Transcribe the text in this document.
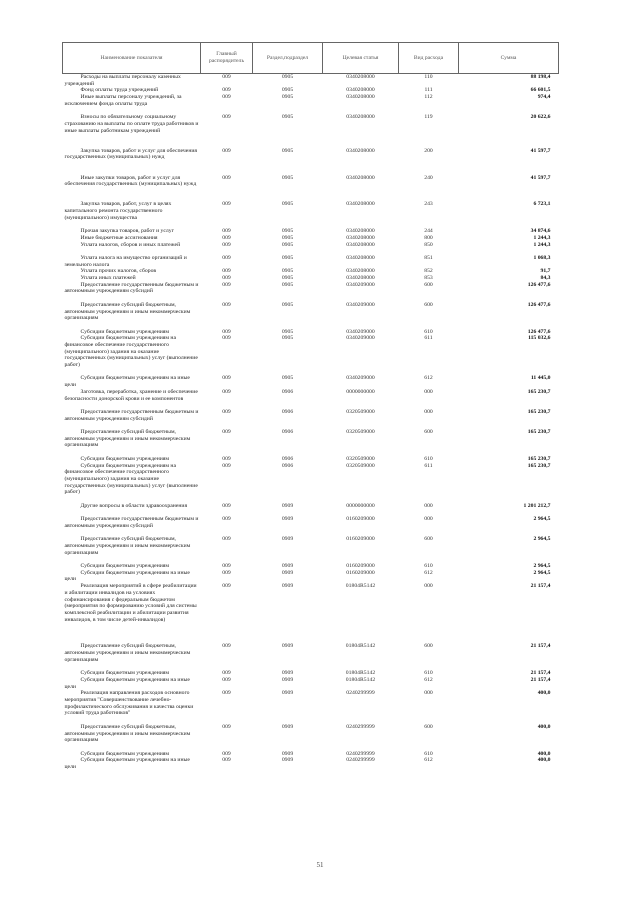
Наименование показателя	Главный распорядитель	Раздел,подраздел	Целевая статья	Вид расхода	Сумма
Расходы на выплаты персоналу казенных учреждений	009	0905	0340208000	110	88 198,4
Фонд оплаты труда учреждений	009	0905	0340208000	111	66 601,5
Иные выплаты персоналу учреждений, за исключением фонда оплаты труда	009	0905	0340208000	112	974,4
Взносы по обязательному социальному страхованию на выплаты по оплате труда работников и иные выплаты работникам учреждений	009	0905	0340208000	119	20 622,6
Закупка товаров, работ и услуг для обеспечения государственных (муниципальных) нужд	009	0905	0340208000	200	41 597,7
Иные закупки товаров, работ и услуг для обеспечения государственных (муниципальных) нужд	009	0905	0340208000	240	41 597,7
Закупка товаров, работ, услуг в целях капитального ремонта государственного (муниципального) имущества	009	0905	0340208000	243	6 723,1
Прочая закупка товаров, работ и услуг	009	0905	0340208000	244	34 874,6
Иные бюджетные ассигнования	009	0905	0340208000	800	1 244,3
Уплата налогов, сборов и иных платежей	009	0905	0340208000	850	1 244,3
Уплата налога на имущество организаций и земельного налога	009	0905	0340208000	851	1 068,3
Уплата прочих налогов, сборов	009	0905	0340208000	852	91,7
Уплата иных платежей	009	0905	0340208000	853	84,3
Предоставление государственным бюджетным и автономным учреждениям субсидий	009	0905	0340209000	600	126 477,6
Предоставление субсидий бюджетным, автономным учреждениям и иным некоммерческим организациям	009	0905	0340209000	600	126 477,6
Субсидии бюджетным учреждениям	009	0905	0340209000	610	126 477,6
Субсидии бюджетным учреждениям на финансовое обеспечение государственного (муниципального) задания на оказание государственных (муниципальных) услуг (выполнение работ)	009	0905	0340209000	611	115 032,6
Субсидии бюджетным учреждениям на иные цели	009	0905	0340209000	612	11 445,0
Заготовка, переработка, хранение и обеспечение безопасности донорской крови и ее компонентов	009	0906	0000000000	000	165 230,7
Предоставление государственным бюджетным и автономным учреждениям субсидий	009	0906	0320509000	000	165 230,7
Предоставление субсидий бюджетным, автономным учреждениям и иным некоммерческим организациям	009	0906	0320509000	600	165 230,7
Субсидии бюджетным учреждениям	009	0906	0320509000	610	165 230,7
Субсидии бюджетным учреждениям на финансовое обеспечение государственного (муниципального) задания на оказание государственных (муниципальных) услуг (выполнение работ)	009	0906	0320509000	611	165 230,7
Другие вопросы в области здравоохранения	009	0909	0000000000	000	1 201 212,7
Предоставление государственным бюджетным и автономным учреждениям субсидий	009	0909	0160209000	000	2 964,5
Предоставление субсидий бюджетным, автономным учреждениям и иным некоммерческим организациям	009	0909	0160209000	600	2 964,5
Субсидии бюджетным учреждениям	009	0909	0160209000	610	2 964,5
Субсидии бюджетным учреждениям на иные цели	009	0909	0160209000	612	2 964,5
Реализация мероприятий в сфере реабилитации и абилитации инвалидов на условиях софинансирования с федеральным бюджетом (мероприятия по формированию условий для системы комплексной реабилитации и абилитации развития инвалидов, в том числе детей-инвалидов)	009	0909	01804R5142	000	21 157,4
Предоставление субсидий бюджетным, автономным учреждениям и иным некоммерческим организациям	009	0909	01804R5142	600	21 157,4
Субсидии бюджетным учреждениям	009	0909	01804R5142	610	21 157,4
Субсидии бюджетным учреждениям на иные цели	009	0909	01804R5142	612	21 157,4
Реализация направления расходов основного мероприятия "Совершенствование лечебно-профилактического обслуживания и качества оценки условий труда работников"	009	0909	0240299999	000	400,0
Предоставление субсидий бюджетным, автономным учреждениям и иным некоммерческим организациям	009	0909	0240299999	600	400,0
Субсидии бюджетным учреждениям	009	0909	0240299999	610	400,0
Субсидии бюджетным учреждениям на иные цели	009	0909	0240299999	612	400,0
51
